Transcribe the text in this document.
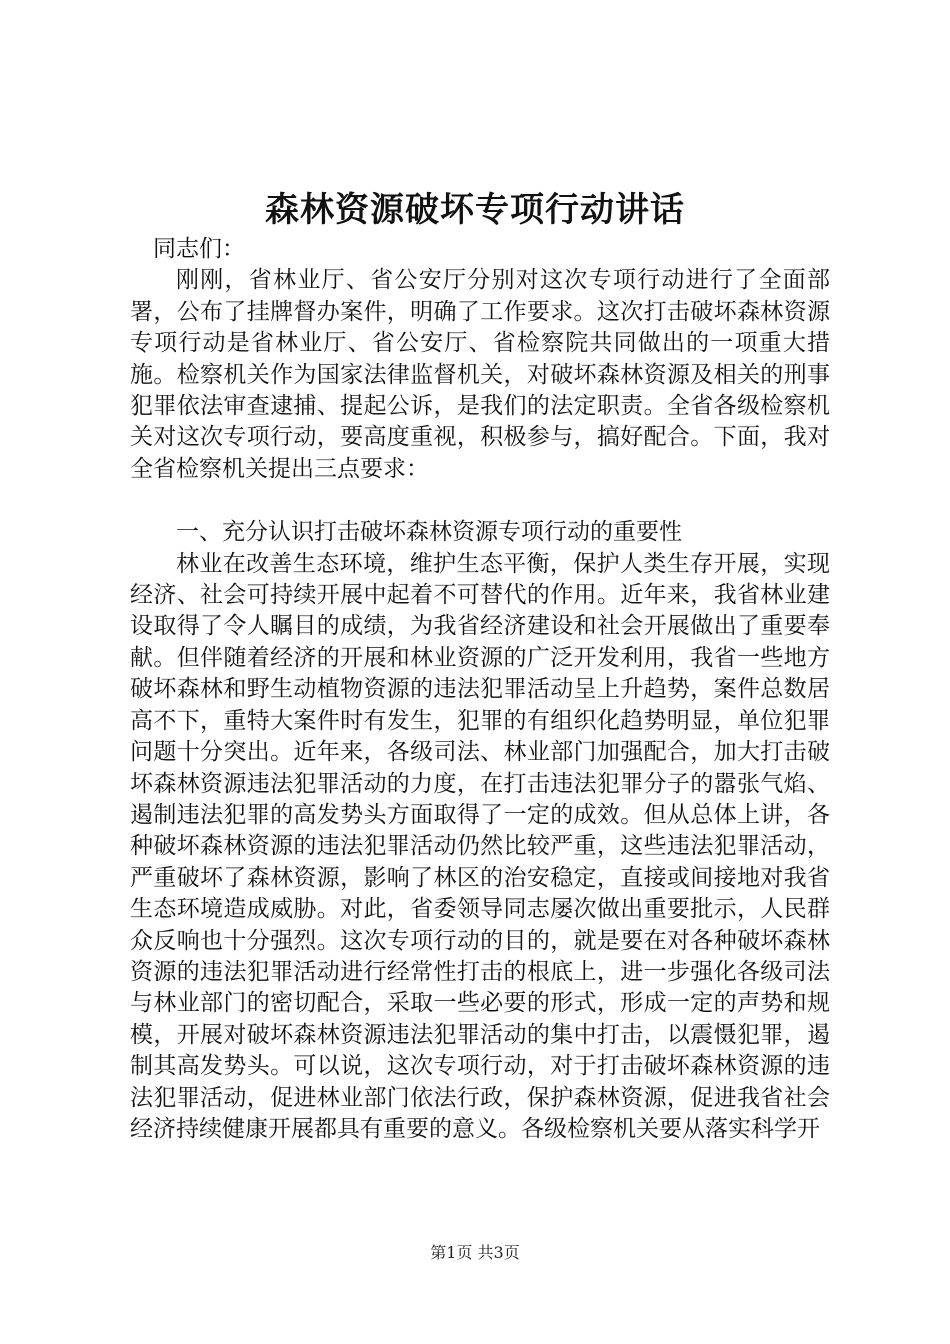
森林资源破坏专项行动讲话

同志们：

刚刚，省林业厅、省公安厅分别对这次专项行动进行了全面部署，公布了挂牌督办案件，明确了工作要求。这次打击破坏森林资源专项行动是省林业厅、省公安厅、省检察院共同做出的一项重大措施。检察机关作为国家法律监督机关，对破坏森林资源及相关的刑事犯罪依法审查逮捕、提起公诉，是我们的法定职责。全省各级检察机关对这次专项行动，要高度重视，积极参与，搞好配合。下面，我对全省检察机关提出三点要求：

一、充分认识打击破坏森林资源专项行动的重要性

林业在改善生态环境，维护生态平衡，保护人类生存开展，实现经济、社会可持续开展中起着不可替代的作用。近年来，我省林业建设取得了令人瞩目的成绩，为我省经济建设和社会开展做出了重要奉献。但伴随着经济的开展和林业资源的广泛开发利用，我省一些地方破坏森林和野生动植物资源的违法犯罪活动呈上升趋势，案件总数居高不下，重特大案件时有发生，犯罪的有组织化趋势明显，单位犯罪问题十分突出。近年来，各级司法、林业部门加强配合，加大打击破坏森林资源违法犯罪活动的力度，在打击违法犯罪分子的嚣张气焰、遏制违法犯罪的高发势头方面取得了一定的成效。但从总体上讲，各种破坏森林资源的违法犯罪活动仍然比较严重，这些违法犯罪活动，严重破坏了森林资源，影响了林区的治安稳定，直接或间接地对我省生态环境造成威胁。对此，省委领导同志屡次做出重要批示，人民群众反响也十分强烈。这次专项行动的目的，就是要在对各种破坏森林资源的违法犯罪活动进行经常性打击的根底上，进一步强化各级司法与林业部门的密切配合，采取一些必要的形式，形成一定的声势和规模，开展对破坏森林资源违法犯罪活动的集中打击，以震慑犯罪，遏制其高发势头。可以说，这次专项行动，对于打击破坏森林资源的违法犯罪活动，促进林业部门依法行政，保护森林资源，促进我省社会经济持续健康开展都具有重要的意义。各级检察机关要从落实科学开

第1页 共3页
